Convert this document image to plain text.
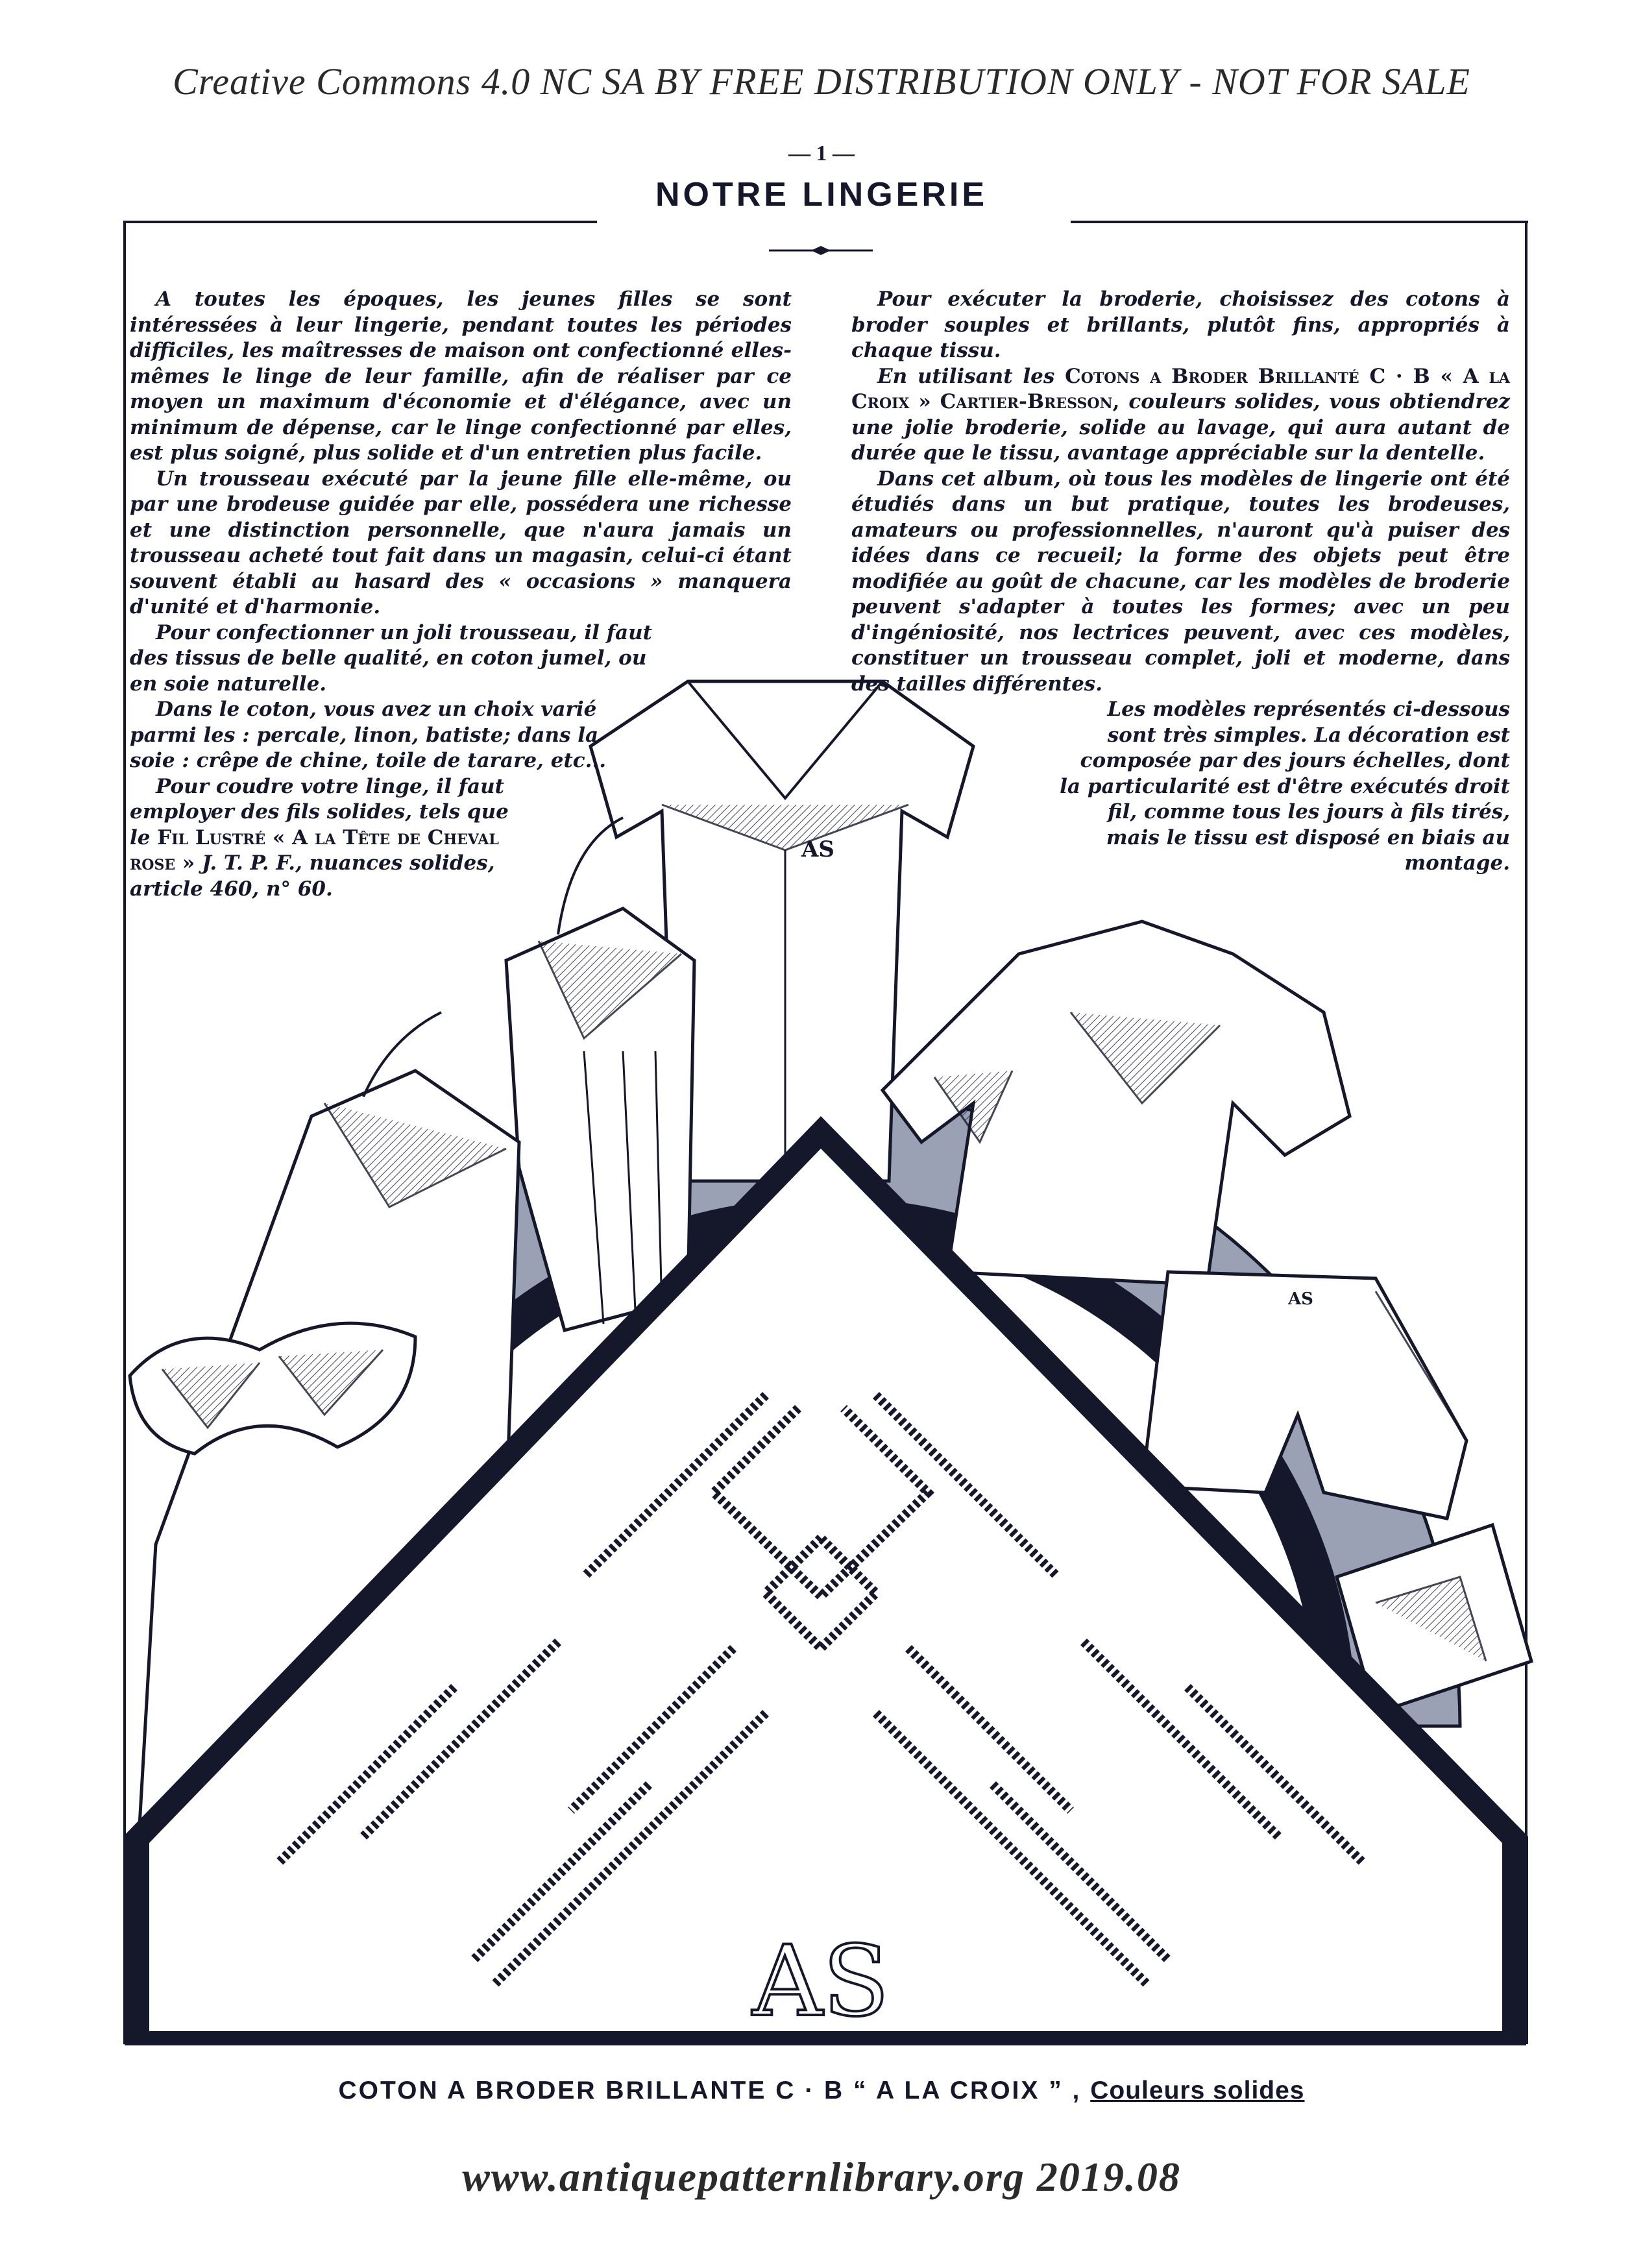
Creative Commons 4.0 NC SA BY FREE DISTRIBUTION ONLY - NOT FOR SALE
— 1 —
NOTRE LINGERIE
AS
AS
AS

A toutes les époques, les jeunes filles se sont intéressées à leur lingerie, pendant toutes les périodes difficiles, les maîtresses de maison ont confectionné elles-mêmes le linge de leur famille, afin de réaliser par ce moyen un maximum d'économie et d'élégance, avec un minimum de dépense, car le linge confectionné par elles, est plus soigné, plus solide et d'un entretien plus facile.

Un trousseau exécuté par la jeune fille elle-même, ou par une brodeuse guidée par elle, possédera une richesse et une distinction personnelle, que n'aura jamais un trousseau acheté tout fait dans un magasin, celui-ci étant souvent établi au hasard des « occasions » manquera d'unité et d'harmonie.

Pour confectionner un joli trousseau, il faut des tissus de belle qualité, en coton jumel, ou en soie naturelle.

Dans le coton, vous avez un choix varié parmi les : percale, linon, batiste; dans la soie : crêpe de chine, toile de tarare, etc...

Pour coudre votre linge, il faut employer des fils solides, tels que le Fil Lustré « A la Tête de Cheval rose » J. T. P. F., nuances solides, article 460, n° 60.

Pour exécuter la broderie, choisissez des cotons à broder souples et brillants, plutôt fins, appropriés à chaque tissu.

En utilisant les Cotons a Broder Brillanté C · B « A la Croix » Cartier-Bresson, couleurs solides, vous obtiendrez une jolie broderie, solide au lavage, qui aura autant de durée que le tissu, avantage appréciable sur la dentelle.

Dans cet album, où tous les modèles de lingerie ont été étudiés dans un but pratique, toutes les brodeuses, amateurs ou professionnelles, n'auront qu'à puiser des idées dans ce recueil; la forme des objets peut être modifiée au goût de chacune, car les modèles de broderie peuvent s'adapter à toutes les formes; avec un peu d'ingéniosité, nos lectrices peuvent, avec ces modèles, constituer un trousseau complet, joli et moderne, dans des tailles différentes.

Les modèles représentés ci-dessous sont très simples. La décoration est composée par des jours échelles, dont la particularité est d'être exécutés droit fil, comme tous les jours à fils tirés, mais le tissu est disposé en biais au montage.

COTON A BRODER BRILLANTE C · B “ A LA CROIX ” , Couleurs solides
www.antiquepatternlibrary.org 2019.08
